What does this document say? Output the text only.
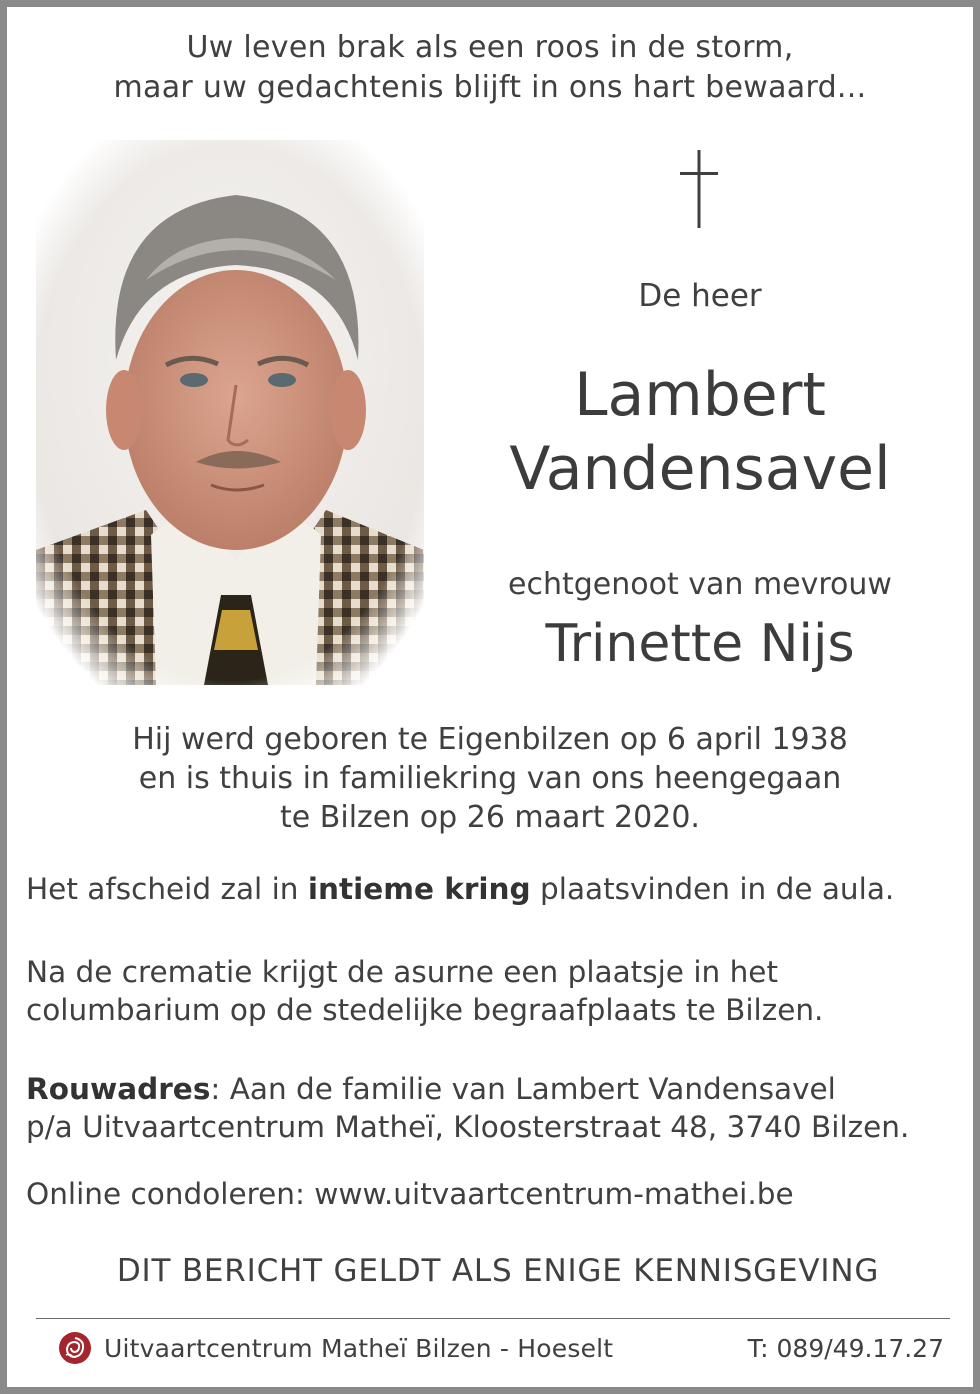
Uw leven brak als een roos in de storm,
maar uw gedachtenis blijft in ons hart bewaard...
De heer
Lambert
Vandensavel
echtgenoot van mevrouw
Trinette Nijs
Hij werd geboren te Eigenbilzen op 6 april 1938
en is thuis in familiekring van ons heengegaan
te Bilzen op 26 maart 2020.
Het afscheid zal in intieme kring plaatsvinden in de aula.
Na de crematie krijgt de asurne een plaatsje in het
columbarium op de stedelijke begraafplaats te Bilzen.
Rouwadres: Aan de familie van Lambert Vandensavel
p/a Uitvaartcentrum Matheï, Kloosterstraat 48, 3740 Bilzen.
Online condoleren: www.uitvaartcentrum-mathei.be
DIT BERICHT GELDT ALS ENIGE KENNISGEVING
Uitvaartcentrum Matheï Bilzen - Hoeselt	T: 089/49.17.27
